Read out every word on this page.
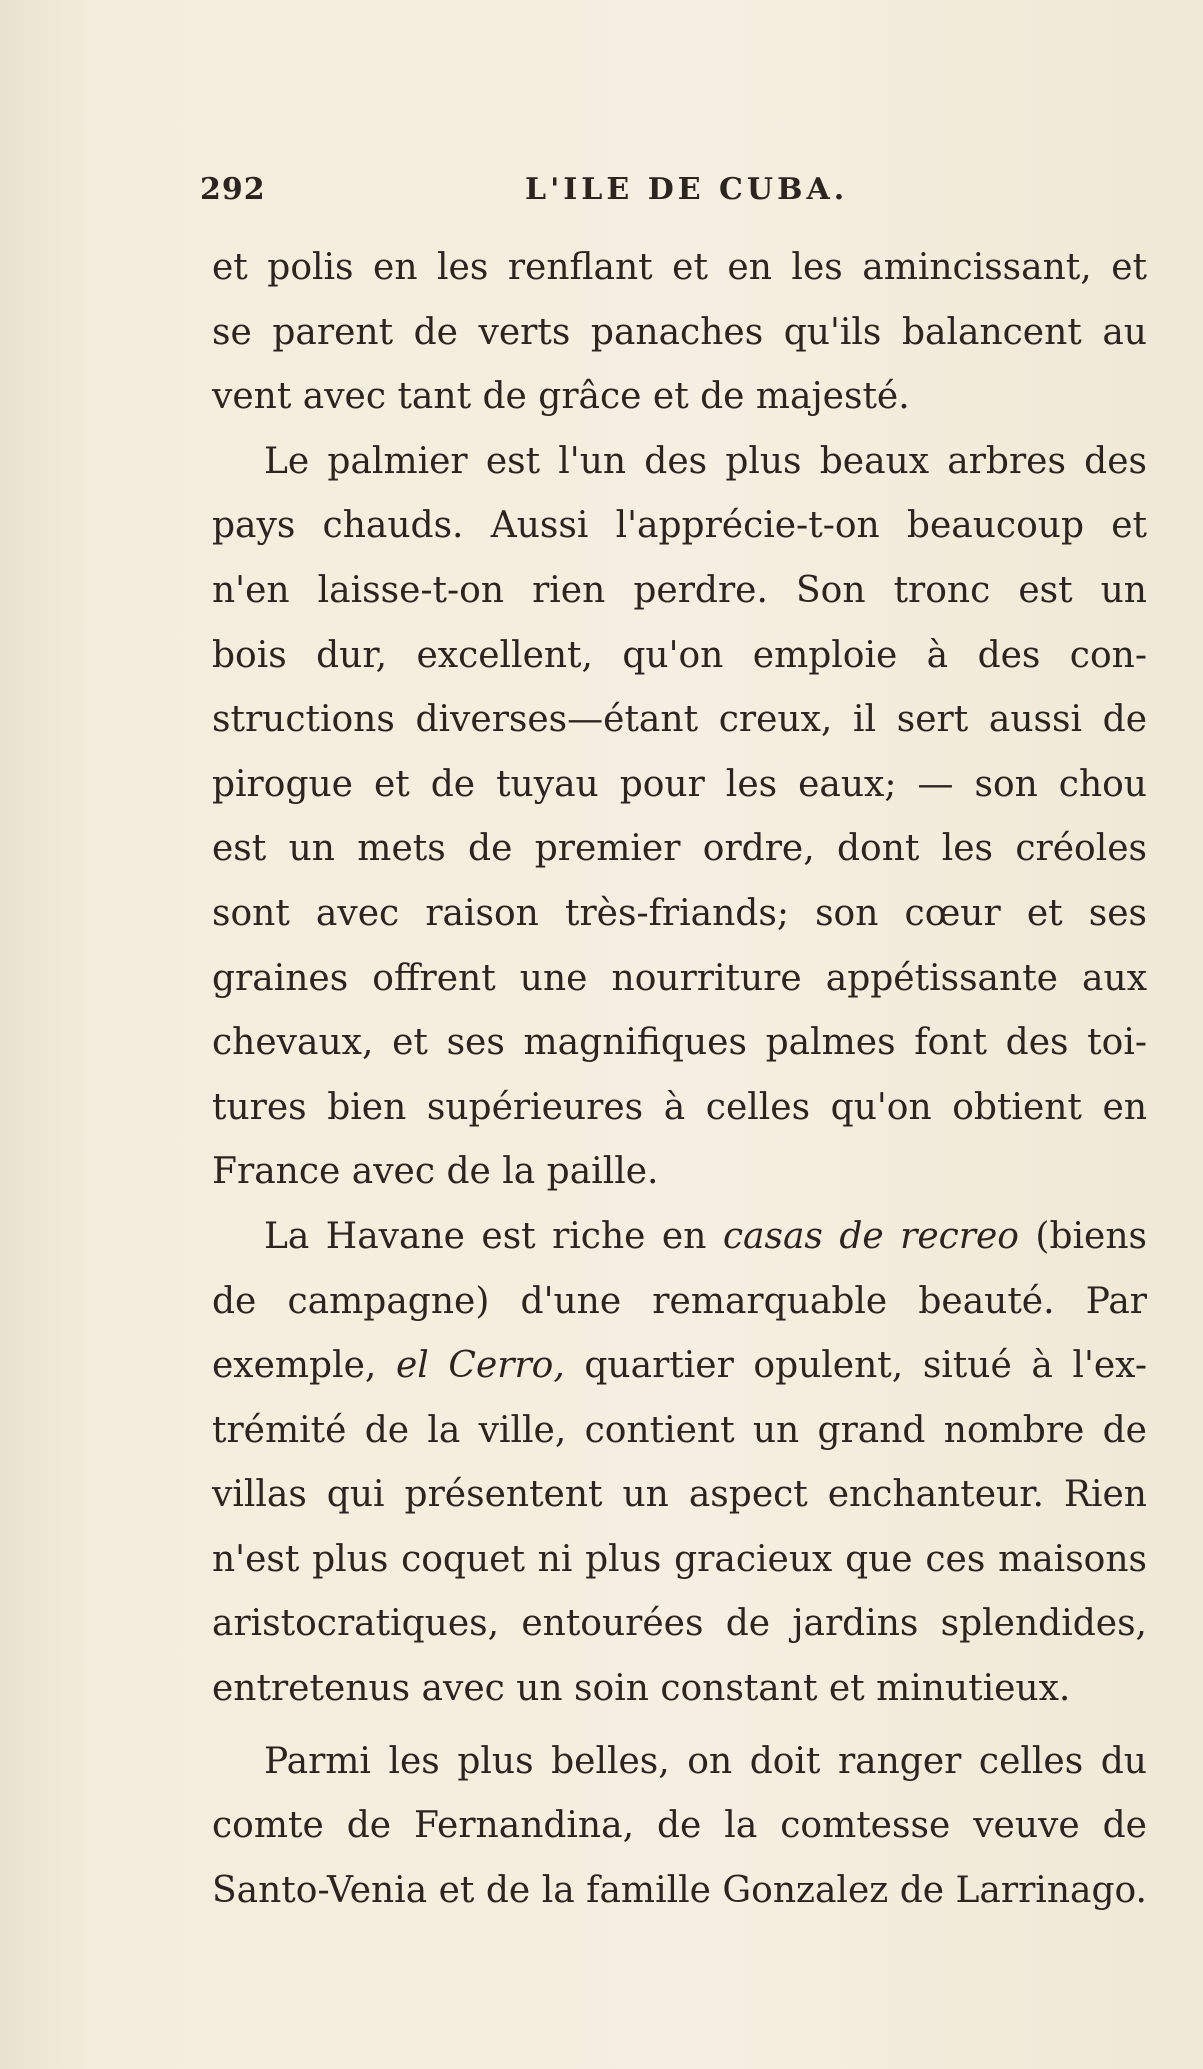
292	L'ILE DE CUBA.
et polis en les renflant et en les amincissant, et
se parent de verts panaches qu'ils balancent au
vent avec tant de grâce et de majesté.
Le palmier est l'un des plus beaux arbres des
pays chauds. Aussi l'apprécie-t-on beaucoup et
n'en laisse-t-on rien perdre. Son tronc est un
bois dur, excellent, qu'on emploie à des con-
structions diverses—étant creux, il sert aussi de
pirogue et de tuyau pour les eaux; — son chou
est un mets de premier ordre, dont les créoles
sont avec raison très-friands; son cœur et ses
graines offrent une nourriture appétissante aux
chevaux, et ses magnifiques palmes font des toi-
tures bien supérieures à celles qu'on obtient en
France avec de la paille.
La Havane est riche en casas de recreo (biens
de campagne) d'une remarquable beauté. Par
exemple, el Cerro, quartier opulent, situé à l'ex-
trémité de la ville, contient un grand nombre de
villas qui présentent un aspect enchanteur. Rien
n'est plus coquet ni plus gracieux que ces maisons
aristocratiques, entourées de jardins splendides,
entretenus avec un soin constant et minutieux.
Parmi les plus belles, on doit ranger celles du
comte de Fernandina, de la comtesse veuve de
Santo-Venia et de la famille Gonzalez de Larrinago.
